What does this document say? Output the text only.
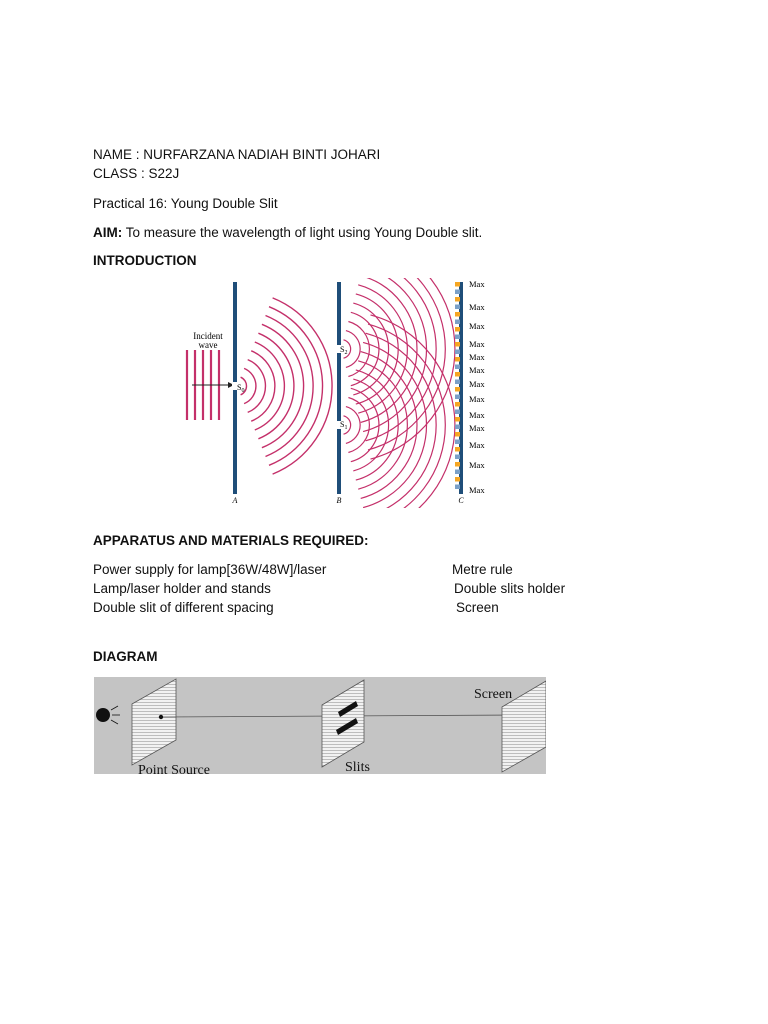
NAME : NURFARZANA NADIAH BINTI JOHARI
CLASS : S22J
Practical 16: Young Double Slit
AIM: To measure the wavelength of light using Young Double slit.
INTRODUCTION
Incident
wave
$S_0$
$S_2$
$S_1$
A	B	C
Max
Max
Max
Max
Max
Max
Max
Max
Max
Max
Max
Max
Max
APPARATUS AND MATERIALS REQUIRED:
Power supply for lamp[36W/48W]/laser	Metre rule
Lamp/laser holder and stands	Double slits holder
Double slit of different spacing	Screen
DIAGRAM
Point Source	Slits
Screen
